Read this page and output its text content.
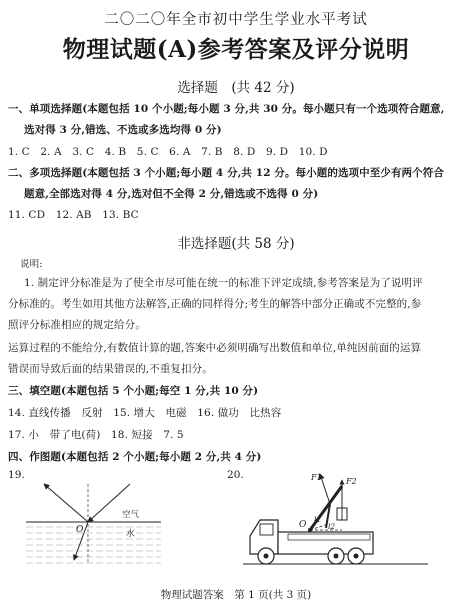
二〇二〇年全市初中学生学业水平考试
物理试题(A)参考答案及评分说明
选择题　(共 42 分)
一、单项选择题(本题包括 10 个小题;每小题 3 分,共 30 分。每小题只有一个选项符合题意,
选对得 3 分,错选、不选或多选均得 0 分)
1. C　2. A　3. C　4. B　5. C　6. A　7. B　8. D　9. D　10. D
二、多项选择题(本题包括 3 个小题;每小题 4 分,共 12 分。每小题的选项中至少有两个符合
题意,全部选对得 4 分,选对但不全得 2 分,错选或不选得 0 分)
11. CD　12. AB　13. BC
非选择题(共 58 分)
说明:
1. 制定评分标准是为了使全市尽可能在统一的标准下评定成绩,参考答案是为了说明评
分标准的。考生如用其他方法解答,正确的同样得分;考生的解答中部分正确或不完整的,参
照评分标准相应的规定给分。
运算过程的不能给分,有数值计算的题,答案中必须明确写出数值和单位,单纯因前面的运算
错误而导致后面的结果错误的,不重复扣分。
三、填空题(本题包括 5 个小题;每空 1 分,共 10 分)
14. 直线传播　反射　15. 增大　电磁　16. 做功　比热容
17. 小　带了电(荷)　18. 短接　7. 5
四、作图题(本题包括 2 个小题;每小题 2 分,共 4 分)
19.	20.
空气
水
O	O
F1	F2
l1
l2
物理试题答案　第 1 页(共 3 页)
